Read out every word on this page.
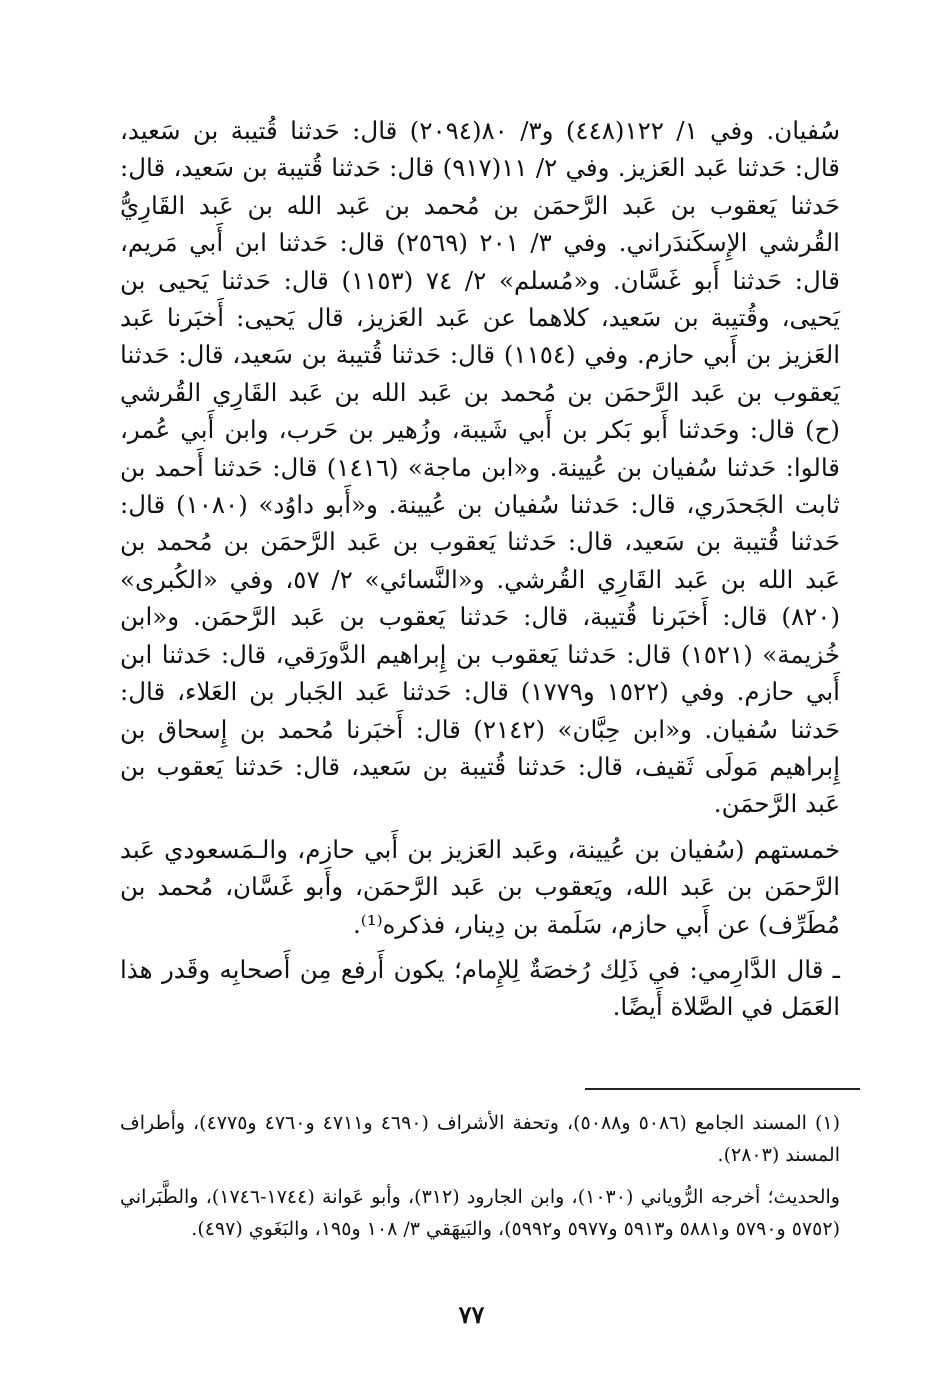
سُفيان. وفي ١/ ١٢٢(٤٤٨) و٣/ ٨٠(٢٠٩٤) قال: حَدثنا قُتيبة بن سَعيد، قال: حَدثنا عَبد العَزيز. وفي ٢/ ١١(٩١٧) قال: حَدثنا قُتيبة بن سَعيد، قال: حَدثنا يَعقوب بن عَبد الرَّحمَن بن مُحمد بن عَبد الله بن عَبد القَارِيُّ القُرشي الإِسكَندَراني. وفي ٣/ ٢٠١ (٢٥٦٩) قال: حَدثنا ابن أَبي مَريم، قال: حَدثنا أَبو غَسَّان. و«مُسلم» ٢/ ٧٤ (١١٥٣) قال: حَدثنا يَحيى بن يَحيى، وقُتيبة بن سَعيد، كلاهما عن عَبد العَزيز، قال يَحيى: أَخبَرنا عَبد العَزيز بن أَبي حازم. وفي (١١٥٤) قال: حَدثنا قُتيبة بن سَعيد، قال: حَدثنا يَعقوب بن عَبد الرَّحمَن بن مُحمد بن عَبد الله بن عَبد القَارِي القُرشي (ح) قال: وحَدثنا أَبو بَكر بن أَبي شَيبة، وزُهير بن حَرب، وابن أَبي عُمر، قالوا: حَدثنا سُفيان بن عُيينة. و«ابن ماجة» (١٤١٦) قال: حَدثنا أَحمد بن ثابت الجَحدَري، قال: حَدثنا سُفيان بن عُيينة. و«أَبو داوُد» (١٠٨٠) قال: حَدثنا قُتيبة بن سَعيد، قال: حَدثنا يَعقوب بن عَبد الرَّحمَن بن مُحمد بن عَبد الله بن عَبد القَارِي القُرشي. و«النَّسائي» ٢/ ٥٧، وفي «الكُبرى» (٨٢٠) قال: أَخبَرنا قُتيبة، قال: حَدثنا يَعقوب بن عَبد الرَّحمَن. و«ابن خُزيمة» (١٥٢١) قال: حَدثنا يَعقوب بن إِبراهيم الدَّورَقي، قال: حَدثنا ابن أَبي حازم. وفي (١٥٢٢ و١٧٧٩) قال: حَدثنا عَبد الجَبار بن العَلاء، قال: حَدثنا سُفيان. و«ابن حِبَّان» (٢١٤٢) قال: أَخبَرنا مُحمد بن إِسحاق بن إِبراهيم مَولَى ثَقيف، قال: حَدثنا قُتيبة بن سَعيد، قال: حَدثنا يَعقوب بن عَبد الرَّحمَن.

خمستهم (سُفيان بن عُيينة، وعَبد العَزيز بن أَبي حازم، والـمَسعودي عَبد الرَّحمَن بن عَبد الله، ويَعقوب بن عَبد الرَّحمَن، وأَبو غَسَّان، مُحمد بن مُطَرِّف) عن أَبي حازم، سَلَمة بن دِينار، فذكره⁽¹⁾.

ـ قال الدَّارِمي: في ذَلِك رُخصَةٌ لِلإِمام؛ يكون أَرفع مِن أَصحابِه وقَدر هذا العَمَل في الصَّلاة أَيضًا.

(١) المسند الجامع (٥٠٨٦ و٥٠٨٨)، وتحفة الأشراف (٤٦٩٠ و٤٧١١ و٤٧٦٠ و٤٧٧٥)، وأطراف المسند (٢٨٠٣).

والحديث؛ أخرجه الرُّوياني (١٠٣٠)، وابن الجارود (٣١٢)، وأبو عَوانة (١٧٤٤-١٧٤٦)، والطَّبَراني (٥٧٥٢ و٥٧٩٠ و٥٨٨١ و٥٩١٣ و٥٩٧٧ و٥٩٩٢)، والبَيهَقي ٣/ ١٠٨ و١٩٥، والبَغَوي (٤٩٧).

٧٧
